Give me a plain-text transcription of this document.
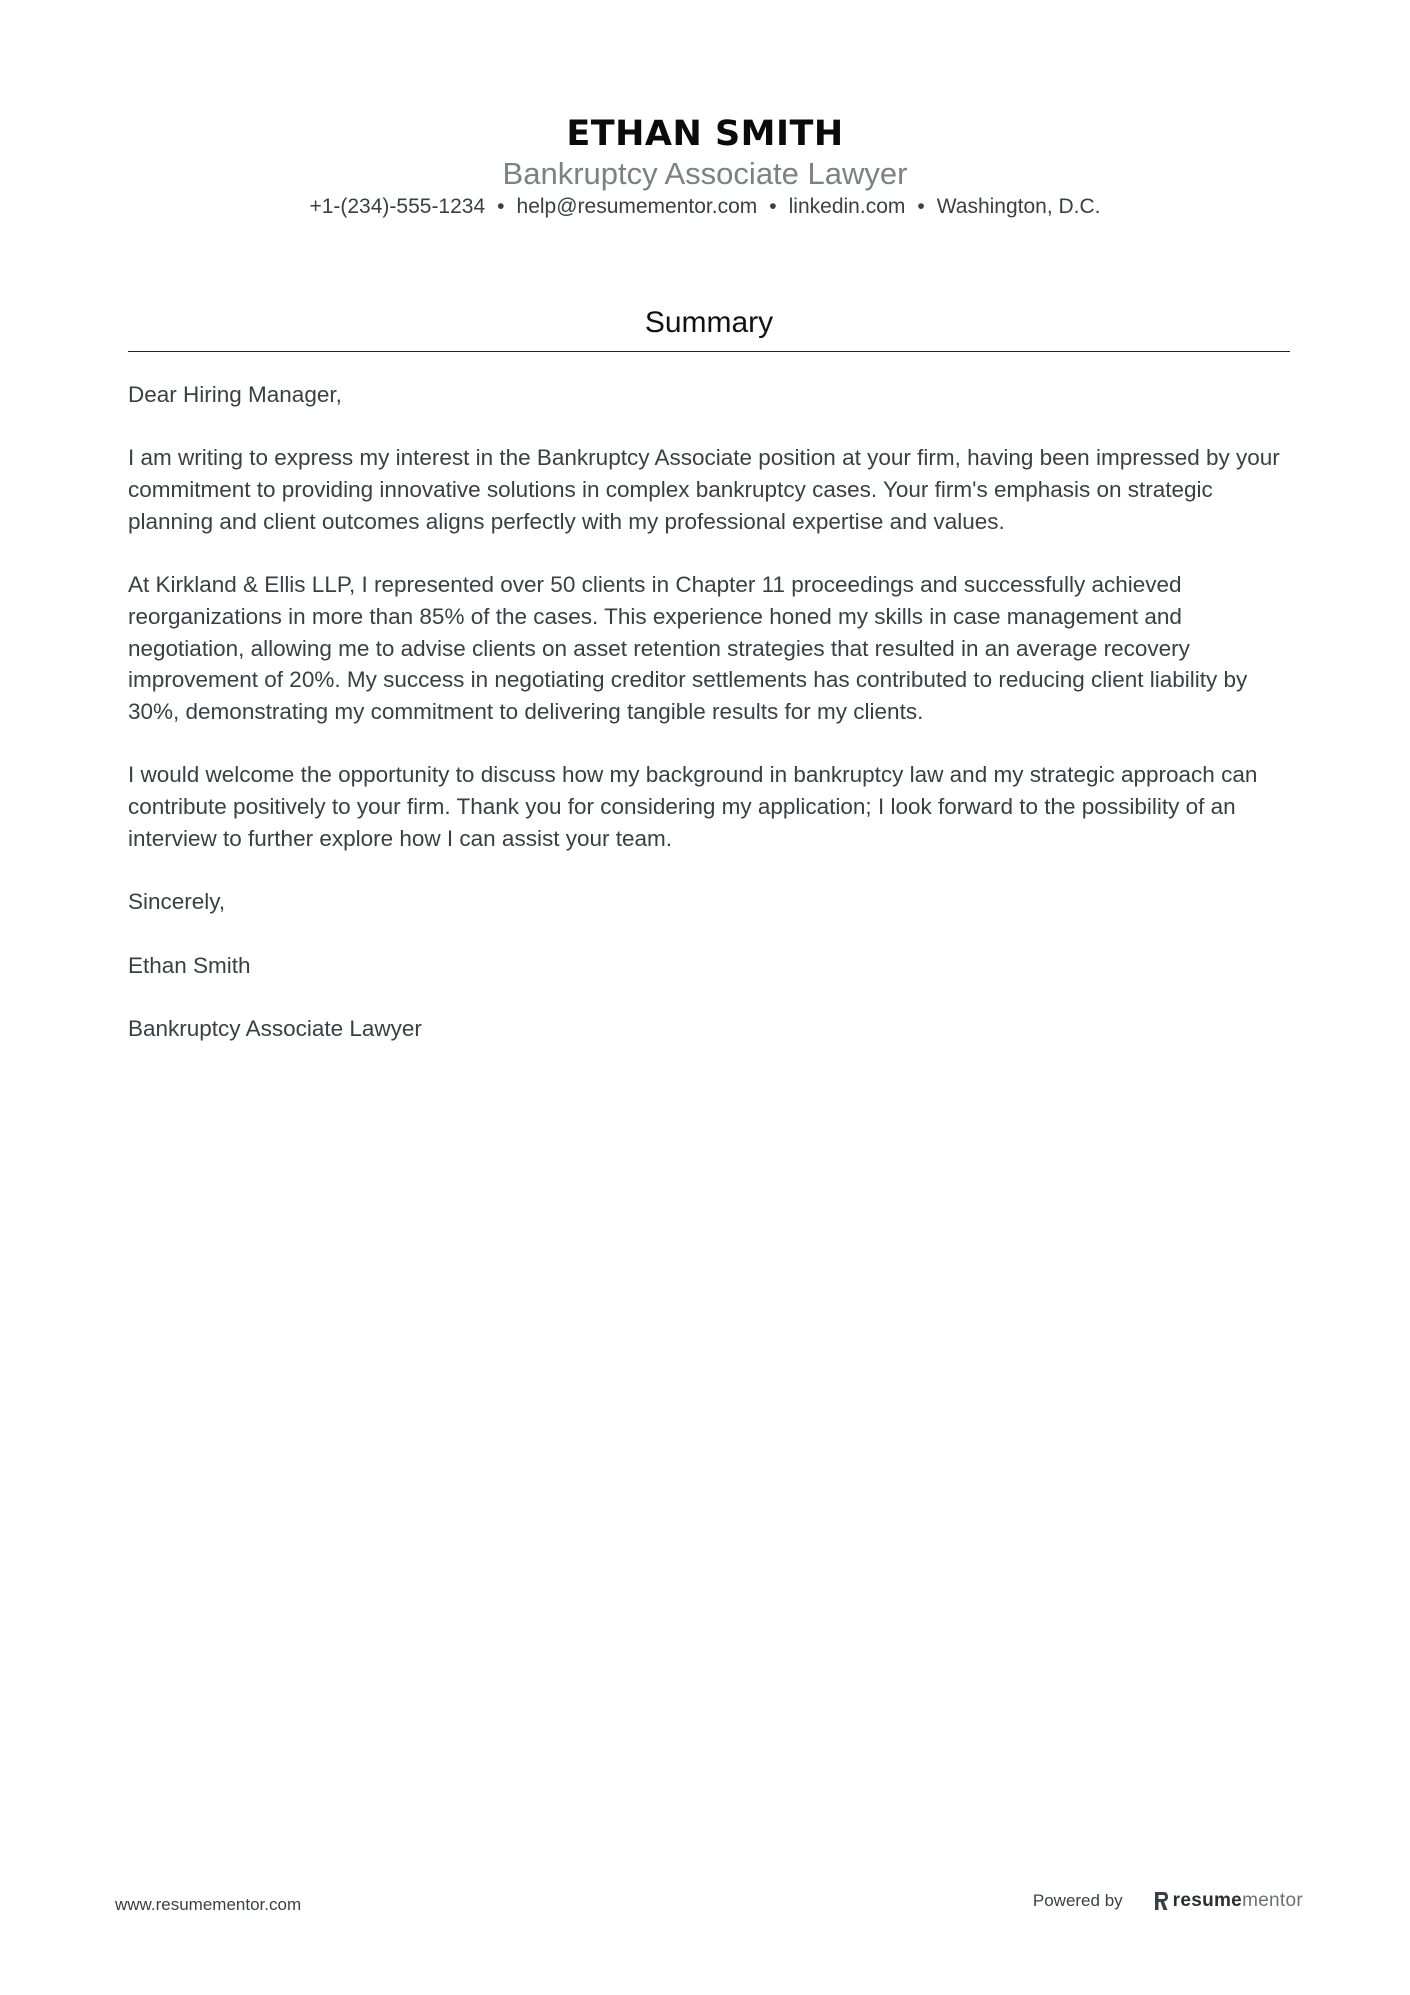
ETHAN SMITH
Bankruptcy Associate Lawyer
+1-(234)-555-1234 • help@resumementor.com • linkedin.com • Washington, D.C.
Summary

Dear Hiring Manager,

I am writing to express my interest in the Bankruptcy Associate position at your firm, having been impressed by your commitment to providing innovative solutions in complex bankruptcy cases. Your firm's emphasis on strategic planning and client outcomes aligns perfectly with my professional expertise and values.

At Kirkland & Ellis LLP, I represented over 50 clients in Chapter 11 proceedings and successfully achieved reorganizations in more than 85% of the cases. This experience honed my skills in case management and negotiation, allowing me to advise clients on asset retention strategies that resulted in an average recovery improvement of 20%. My success in negotiating creditor settlements has contributed to reducing client liability by 30%, demonstrating my commitment to delivering tangible results for my clients.

I would welcome the opportunity to discuss how my background in bankruptcy law and my strategic approach can contribute positively to your firm. Thank you for considering my application; I look forward to the possibility of an interview to further explore how I can assist your team.

Sincerely,

Ethan Smith

Bankruptcy Associate Lawyer

www.resumementor.com	Powered by	resumementor
